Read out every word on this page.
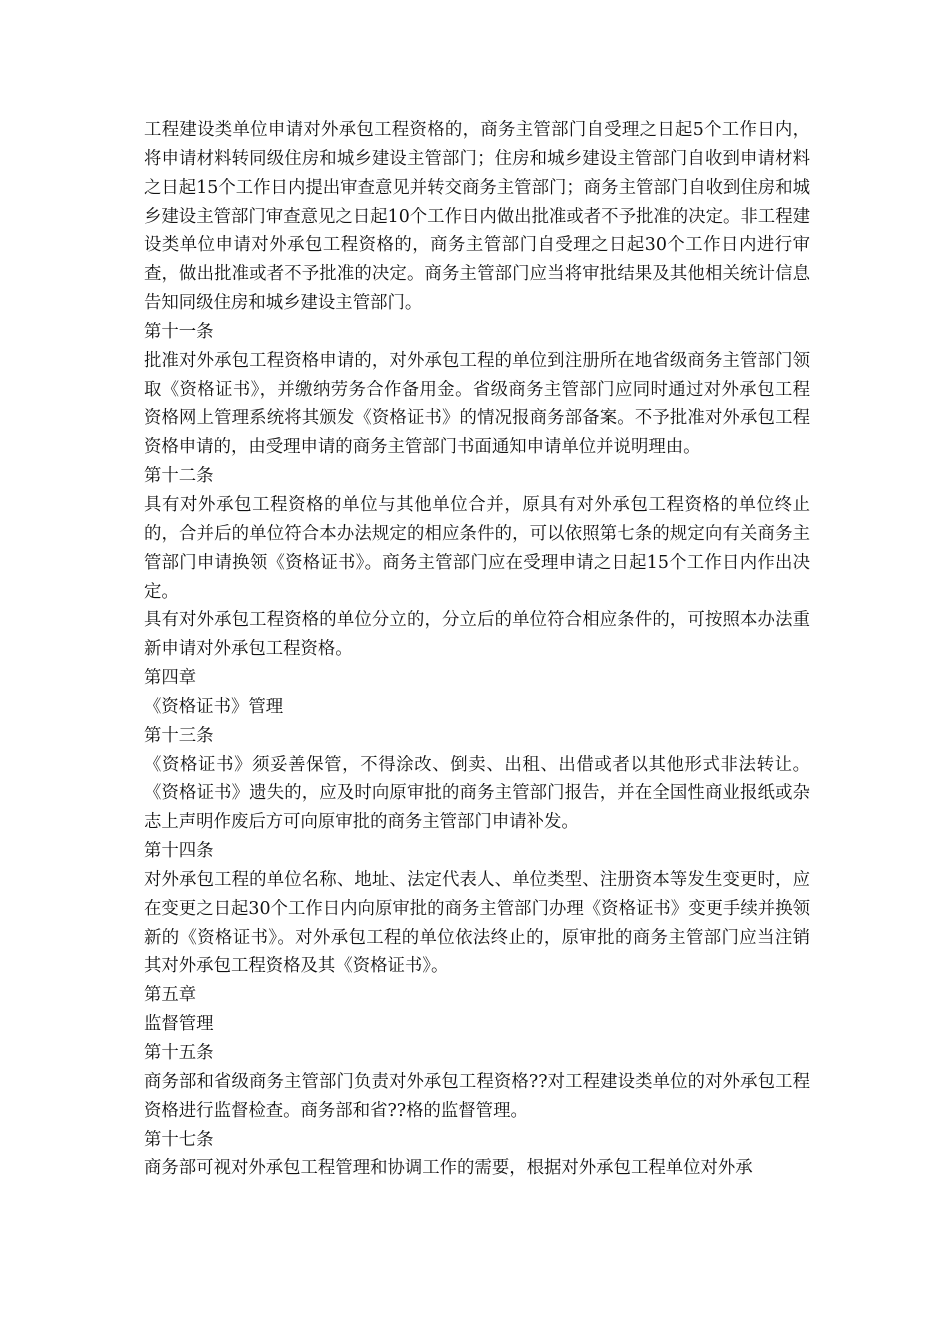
工程建设类单位申请对外承包工程资格的，商务主管部门自受理之日起5个工作日内，将申请材料转同级住房和城乡建设主管部门；住房和城乡建设主管部门自收到申请材料之日起15个工作日内提出审查意见并转交商务主管部门；商务主管部门自收到住房和城乡建设主管部门审查意见之日起10个工作日内做出批准或者不予批准的决定。非工程建设类单位申请对外承包工程资格的，商务主管部门自受理之日起30个工作日内进行审查，做出批准或者不予批准的决定。商务主管部门应当将审批结果及其他相关统计信息告知同级住房和城乡建设主管部门。

第十一条

批准对外承包工程资格申请的，对外承包工程的单位到注册所在地省级商务主管部门领取《资格证书》，并缴纳劳务合作备用金。省级商务主管部门应同时通过对外承包工程资格网上管理系统将其颁发《资格证书》的情况报商务部备案。不予批准对外承包工程资格申请的，由受理申请的商务主管部门书面通知申请单位并说明理由。

第十二条

具有对外承包工程资格的单位与其他单位合并，原具有对外承包工程资格的单位终止的，合并后的单位符合本办法规定的相应条件的，可以依照第七条的规定向有关商务主管部门申请换领《资格证书》。商务主管部门应在受理申请之日起15个工作日内作出决定。

具有对外承包工程资格的单位分立的，分立后的单位符合相应条件的，可按照本办法重新申请对外承包工程资格。

第四章

《资格证书》管理

第十三条

《资格证书》须妥善保管，不得涂改、倒卖、出租、出借或者以其他形式非法转让。《资格证书》遗失的，应及时向原审批的商务主管部门报告，并在全国性商业报纸或杂志上声明作废后方可向原审批的商务主管部门申请补发。

第十四条

对外承包工程的单位名称、地址、法定代表人、单位类型、注册资本等发生变更时，应在变更之日起30个工作日内向原审批的商务主管部门办理《资格证书》变更手续并换领新的《资格证书》。对外承包工程的单位依法终止的，原审批的商务主管部门应当注销其对外承包工程资格及其《资格证书》。

第五章

监督管理

第十五条

商务部和省级商务主管部门负责对外承包工程资格??对工程建设类单位的对外承包工程资格进行监督检查。商务部和省??格的监督管理。

第十七条

商务部可视对外承包工程管理和协调工作的需要，根据对外承包工程单位对外承
